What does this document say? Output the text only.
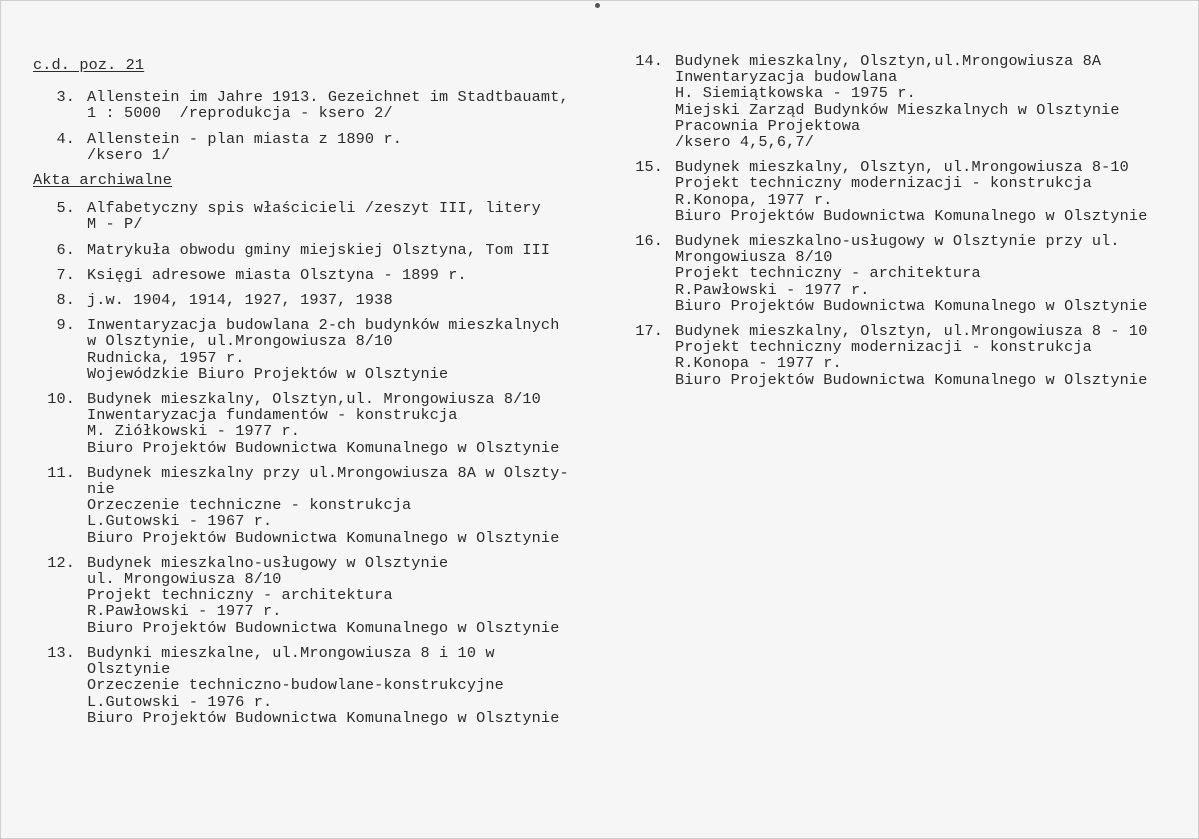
c.d. poz. 21
3. Allenstein im Jahre 1913. Gezeichnet im Stadtbauamt,
1 : 5000  /reprodukcja - ksero 2/
4. Allenstein - plan miasta z 1890 r.
/ksero 1/
Akta archiwalne
5. Alfabetyczny spis właścicieli /zeszyt III, litery
M - P/
6. Matrykuła obwodu gminy miejskiej Olsztyna, Tom III
7. Księgi adresowe miasta Olsztyna - 1899 r.
8. j.w. 1904, 1914, 1927, 1937, 1938
9. Inwentaryzacja budowlana 2-ch budynków mieszkalnych
w Olsztynie, ul.Mrongowiusza 8/10
Rudnicka, 1957 r.
Wojewódzkie Biuro Projektów w Olsztynie
10. Budynek mieszkalny, Olsztyn,ul. Mrongowiusza 8/10
Inwentaryzacja fundamentów - konstrukcja
M. Ziółkowski - 1977 r.
Biuro Projektów Budownictwa Komunalnego w Olsztynie
11. Budynek mieszkalny przy ul.Mrongowiusza 8A w Olszty-
nie
Orzeczenie techniczne - konstrukcja
L.Gutowski - 1967 r.
Biuro Projektów Budownictwa Komunalnego w Olsztynie
12. Budynek mieszkalno-usługowy w Olsztynie
ul. Mrongowiusza 8/10
Projekt techniczny - architektura
R.Pawłowski - 1977 r.
Biuro Projektów Budownictwa Komunalnego w Olsztynie
13. Budynki mieszkalne, ul.Mrongowiusza 8 i 10 w
Olsztynie
Orzeczenie techniczno-budowlane-konstrukcyjne
L.Gutowski - 1976 r.
Biuro Projektów Budownictwa Komunalnego w Olsztynie
14. Budynek mieszkalny, Olsztyn,ul.Mrongowiusza 8A
Inwentaryzacja budowlana
H. Siemiątkowska - 1975 r.
Miejski Zarząd Budynków Mieszkalnych w Olsztynie
Pracownia Projektowa
/ksero 4,5,6,7/
15. Budynek mieszkalny, Olsztyn, ul.Mrongowiusza 8-10
Projekt techniczny modernizacji - konstrukcja
R.Konopa, 1977 r.
Biuro Projektów Budownictwa Komunalnego w Olsztynie
16. Budynek mieszkalno-usługowy w Olsztynie przy ul.
Mrongowiusza 8/10
Projekt techniczny - architektura
R.Pawłowski - 1977 r.
Biuro Projektów Budownictwa Komunalnego w Olsztynie
17. Budynek mieszkalny, Olsztyn, ul.Mrongowiusza 8 - 10
Projekt techniczny modernizacji - konstrukcja
R.Konopa - 1977 r.
Biuro Projektów Budownictwa Komunalnego w Olsztynie
